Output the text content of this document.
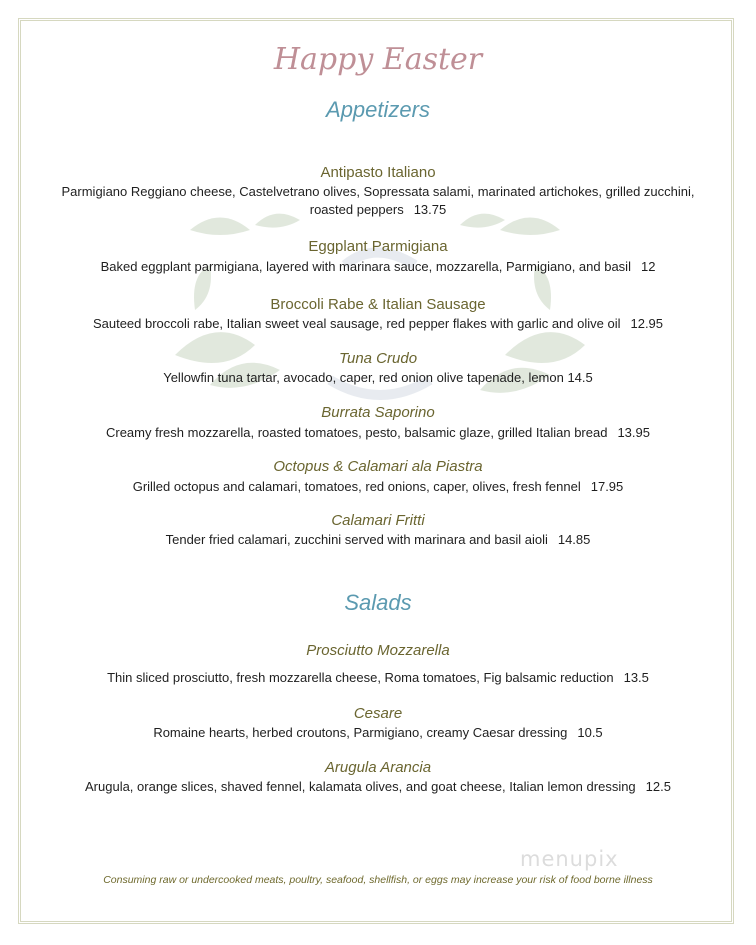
Happy Easter
Appetizers
Antipasto Italiano
Parmigiano Reggiano cheese, Castelvetrano olives, Sopressata salami, marinated artichokes, grilled zucchini,
roasted peppers 13.75
Eggplant Parmigiana
Baked eggplant parmigiana, layered with marinara sauce, mozzarella, Parmigiano, and basil 12
Broccoli Rabe & Italian Sausage
Sauteed broccoli rabe, Italian sweet veal sausage, red pepper flakes with garlic and olive oil 12.95
Tuna Crudo
Yellowfin tuna tartar, avocado, caper, red onion olive tapenade, lemon 14.5
Burrata Saporino
Creamy fresh mozzarella, roasted tomatoes, pesto, balsamic glaze, grilled Italian bread 13.95
Octopus & Calamari ala Piastra
Grilled octopus and calamari, tomatoes, red onions, caper, olives, fresh fennel 17.95
Calamari Fritti
Tender fried calamari, zucchini served with marinara and basil aioli 14.85
Salads
Prosciutto Mozzarella
Thin sliced prosciutto, fresh mozzarella cheese, Roma tomatoes, Fig balsamic reduction 13.5
Cesare
Romaine hearts, herbed croutons, Parmigiano, creamy Caesar dressing 10.5
Arugula Arancia
Arugula, orange slices, shaved fennel, kalamata olives, and goat cheese, Italian lemon dressing 12.5
menupix
Consuming raw or undercooked meats, poultry, seafood, shellfish, or eggs may increase your risk of food borne illness
